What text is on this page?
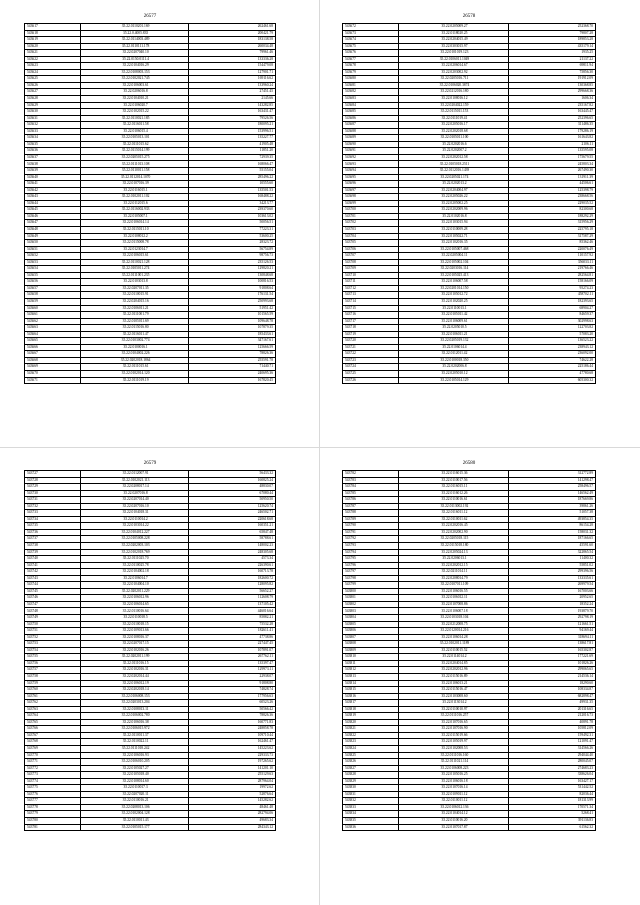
26577
543617	35.22.0110201.169	262461.68
543618	35.22.0.4005.835	200421.79
543619	35.22.0114003.489	183138.58
543620	35.22.0110111.178	260034.48
543621	35.22.0207040.10	79961.46
543622	35.22.0150.0111.4	133336.28
543623	35.22.0104016.29	154479.08
543624	35.22.0108003.153	127901.71
543625	35.22.0102021.745	169116.62
543626	35.22.0106003.61	133960.24
543627	35.22.0206016.8	27451.45
543628	35.22.0104010.21	2145.66
543629	35.22.0106020.7	143282.85
543630	35.22.0102015.22	163431.47
543631	35.22.0110021.185	79526.56
543632	35.22.0116011.58	180095.21
543633	35.22.0106015.4	153996.51
543634	35.22.0105013.101	135227.77
543635	35.22.0111015.62	41905.48
543636	35.22.0115014.199	11851.20
543637	35.22.0205015.275	72939.35
543638	35.22.0111013.108	168066.47
543639	35.22.0110011.158	55155.04
543640	35.22.0112014.1070	285496.22
543641	35.22.0107016.39	10555.60
543642	35.22.0116015.1	135501.53
543643	35.22.0102011.102	168488.22
543644	35.22.0112015.6	34213.77
543645	35.22.0116002.933	239370.60
543646	35.22.0105007.1	103613.02
543647	35.22.0106014.14	50056.51
543648	35.22.0115011.10	77223.31
543649	35.22.0108012.2	53600.25
543650	35.22.0115008.78	28323.72
543651	35.22.0123014.7	56754.89
543652	35.22.0106015.61	98756.73
543653	35.22.0110021.128	235126.53
543654	35.22.0105011.274	129820.21
543655	35.22.0111001.235	130848.68
543656	35.22.0103013.8	100816.53
543657	35.22.0207011.35	91808.64
543658	35.22.0110015.91	176131.54
543659	35.22.0204015.16	250993.68
543660	35.22.0106011.21	51951.42
543661	35.22.0111001.79	101565.59
543662	35.22.0105011.69	109648.78
543663	35.22.0115016.80	107879.35
543664	35.22.0116011.47	185433.61
543665	35.22.0103002.774	347167.61
543666	35.22.0100016.1	125666.59
543667	35.22.0104002.226	78826.36
543668	35.22.0202018.1864	255591.78
543669	35.22.0111015.61	71440.71
543670	35.22.0102014.120	240695.36
543671	35.22.0111019.19	167820.45
26578
543672	35.22.0205009.27	252368.70
543673	35.22.0118020.25	79807.28
543674	35.22.0204015.49	189853.28
543675	35.22.0303015.97	435179.14
543676	35.22.0101019.123	1935.25
543677	35.22.0106011.1049	21137.22
543678	35.22.0206014.67	69811.94
543679	35.22.0203002.92	75856.30
543680	35.22.0205016.711	191912.09
543681	35.22.0106020.3874	130368.85
543682	35.22.0212016.180	299668.36
543683	35.22.0108016.12	1606.34
543684	35.22.0204022.159	235167.82
543685	35.22.0115011.153	163445.47
543686	35.22.0111019.41	252396.65
543687	35.22.0205016.17	311486.35
543688	35.22.0202018.68	179286.19
543689	35.22.0105011.100	161643.82
543690	35.22.0202016.6	2106.11
543691	35.22.0202007.2	135595.08
543692	35.22.0202012.58	175679.55
543693	35.22.0105018.2511	245803.34
543694	35.22.0112016.1439	267490.30
543695	35.22.0205021.174	131911.39
543696	35.22.0202013.2	44506.61
543697	35.22.0204004.97	125398.79
543698	35.22.0205026.22	238668.56
543699	35.22.0205002.25	229035.52
543700	35.22.0202009.96	82300.68
543701	35.22.0102016.8	188292.29
543702	35.22.0103015.94	315956.29
543703	35.22.0110009.28	225795.18
543704	35.22.0105022.71	317587.29
543705	35.22.0102016.35	85362.46
543706	35.22.0105007.468	220076.49
543707	35.22.0205004.11	110157.92
543708	35.22.0105002.104	356033.11
543709	35.22.0203016.114	219766.46
543710	35.22.0105025.413	282564.81
543711	35.22.0106007.58	158166.09
543712	35.22.0201014.150	95274.23
543713	35.22.0105012.72	458702.11
543714	35.22.0102020.25	182393.65
543715	35.22.0110013.1	68904.27
543716	35.22.0105011.42	84659.37
543717	35.22.0106009.61	302998.63
543718	35.22.0205010.5	122703.82
543719	35.22.0106011.21	57083.20
543720	35.22.0205019.132	136523.22
543721	35.22.0106014.4	238943.12
543722	35.22.0112011.42	236092.00
543723	35.22.0100018.350	74622.28
543724	35.22.0202006.8	225186.44
543725	35.22.0205010.12	47780.68
543726	35.22.0105014.129	605300.32
26579
543727	35.22.0112007.91	56433.32
543728	35.22.0102021.113	160825.24
543729	35.22.0208017.14	48830.07
543730	35.22.0207016.8	67080.44
543731	35.22.0207014.40	50950.50
543732	35.22.0207016.10	125620.74
543733	35.22.0104018.31	246502.71
543734	35.22.0110014.2	220618.68
543735	35.22.0103014.22	160351.21
543736	35.22.0104012.227	65847.48
543737	35.22.0105008.228	58788.61
543738	35.22.0202003.103	148002.23
543739	35.22.0102018.769	248305.68
543740	35.22.0111025.70	4573.34
543741	35.22.0110025.78	226390.61
543742	35.22.0104002.18	160713.78
543743	35.22.0106014.7	182600.72
543744	35.22.0104004.10	128095.82
543745	35.22.0202011.229	56652.27
543746	35.22.0106012.96	112608.79
543747	35.22.0106014.65	137105.42
543748	35.22.0110016.64	446016.64
543749	35.22.0110018.5	85882.21
543750	35.22.0110018.15	75532.28
543751	35.22.0109013.66	182611.41
543752	35.22.0108016.37	47738.86
543753	35.22.0207017.15	227447.45
543754	35.22.0102016.26	107891.07
543755	35.22.0202011.199	267762.11
543756	35.22.0111016.15	135397.47
543757	35.22.0102016.31	129973.11
543758	35.22.0202014.44	22938.07
543759	35.22.0106012.19	91808.80
543760	35.22.0202018.14	74828.74
543761	35.22.0106008.153	177956.63
543762	35.22.0203013.204	60523.26
543763	35.22.0108013.11	50566.42
543764	35.22.0106002.780	78826.36
543765	35.22.0106016.38	160771.83
543766	35.22.0106015.972	248858.78
543767	35.22.0110011.37	109710.44
543768	35.22.0110022.11	162461.47
543769	35.22.0111018.242	145223.62
543770	35.22.0106016.93	229333.73
543771	35.22.0106010.205	197265.62
543772	35.22.0105027.27	141201.10
543773	35.22.0105018.40	255129.63
543774	35.22.0108014.60	287964.04
543775	35.22.0110017.3	19972.62
543776	35.22.0207020.11	52876.64
543777	35.22.0110016.21	145282.62
543778	35.22.0208013.106	48461.48
543779	35.22.0102004.128	282794.06
543780	35.22.0110011.43	49683.34
543781	35.22.0105015.177	284343.12
26580
543782	35.22.0116015.36	312772.89
543783	35.22.0110017.56	141298.47
543784	35.22.0116015.11	258496.57
543785	35.22.0116012.26	146562.49
543786	35.22.0110016.61	187669.86
543787	35.22.0113002.192	39861.26
543788	35.22.0116011.12	51057.38
543789	35.22.0110011.62	493854.35
543790	35.22.0202016.45	86154.28
543791	35.22.0202002.90	158031.32
543792	35.22.0205018.115	187166.65
543793	35.22.0115018.180	45591.60
543794	35.22.0205024.13	322865.54
543795	35.22.0206013.1	11400.32
543796	35.22.0202012.15	55851.02
543797	35.22.0211014.11	299396.56
543798	35.22.0208014.79	133335.61
543799	35.22.0107011.109	269979.54
543800	35.22.0106016.55	167003.66
543801	35.22.0106012.11	20952.65
543802	35.22.0107008.86	18352.24
543803	35.22.0106007.18	193879.70
543804	35.22.0103018.104	292798.19
543805	35.22.0212008.75	121661.51
543806	35.22.0120014.216	94169.44
543807	35.22.0106014.28	318694.11
543808	35.22.0102011.1189	138617.81
543809	35.22.0110015.52	165302.87
543810	35.22.0114014.2	177221.69
543811	35.22.0204014.85	101826.26
543812	35.22.0202012.96	299065.65
543813	35.22.0115016.89	214536.14
543814	35.22.0106013.21	18290.60
543815	35.22.0115016.47	108334.87
543816	35.22.0103008.60	682898.47
543817	35.22.0113014.2	49931.35
543818	35.22.0110010.97	201316.65
543819	35.22.0111016.257	212016.73
543820	35.22.0107016.65	40891.78
543821	35.22.0107016.90	105812.09
543822	35.22.0115019.66	159492.31
543823	35.22.0105019.97	121091.47
543824	35.22.0102008.53	314566.26
543825	35.22.0111016.160	294044.40
543826	35.22.0111021.114	280045.07
543827	35.22.0106008.223	274683.23
543828	35.22.0105016.25	338626.04
543829	35.22.0106016.18	163427.17
543830	35.22.0107016.14	531442.52
543831	35.22.0109011.12	82036.44
543832	35.22.0110011.12	181313.99
543833	35.22.0106012.136	170571.34
543834	35.22.0104014.12	5268.41
543835	35.22.0110016.20	391136.83
543836	35.22.0107017.87	61562.32
